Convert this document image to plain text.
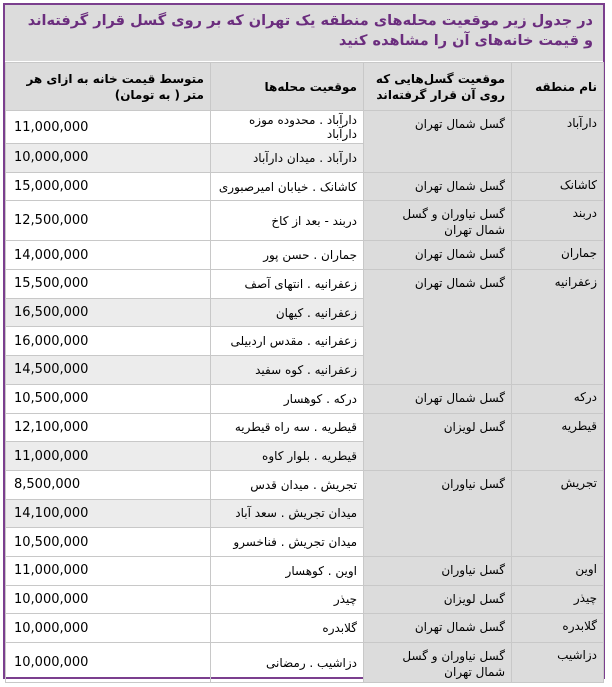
در جدول زیر موقعیت محله‌های منطقه یک تهران که بر روی گسل قرار گرفته‌اند و قیمت خانه‌های آن را مشاهده کنید
نام منطقه	موقعیت گسل‌هایی که روی آن قرار گرفته‌اند	موقعیت محله‌ها	متوسط قیمت خانه به ازای هر متر ( به تومان)
دارآباد	گسل شمال تهران	دارآباد . محدوده موزه دارآباد	11,000,000
		دارآباد . میدان دارآباد	10,000,000
کاشانک	گسل شمال تهران	کاشانک . خیابان امیرصبوری	15,000,000
دربند	گسل نیاوران و گسل شمال تهران	دربند - بعد از کاخ	12,500,000
جماران	گسل شمال تهران	جماران . حسن پور	14,000,000
زعفرانیه	گسل شمال تهران	زعفرانیه . انتهای آصف	15,500,000
		زعفرانیه . کیهان	16,500,000
		زعفرانیه . مقدس اردبیلی	16,000,000
		زعفرانیه . کوه سفید	14,500,000
درکه	گسل شمال تهران	درکه . کوهسار	10,500,000
قیطریه	گسل لویزان	قیطریه . سه راه قیطریه	12,100,000
		قیطریه . بلوار کاوه	11,000,000
تجریش	گسل نیاوران	تجریش . میدان قدس	8,500,000
		میدان تجریش . سعد آباد	14,100,000
		میدان تجریش . فناخسرو	10,500,000
اوین	گسل نیاوران	اوین . کوهسار	11,000,000
چیذر	گسل لویزان	چیذر	10,000,000
گلابدره	گسل شمال تهران	گلابدره	10,000,000
دزاشیب	گسل نیاوران و گسل شمال تهران	دزاشیب . رمضانی	10,000,000
